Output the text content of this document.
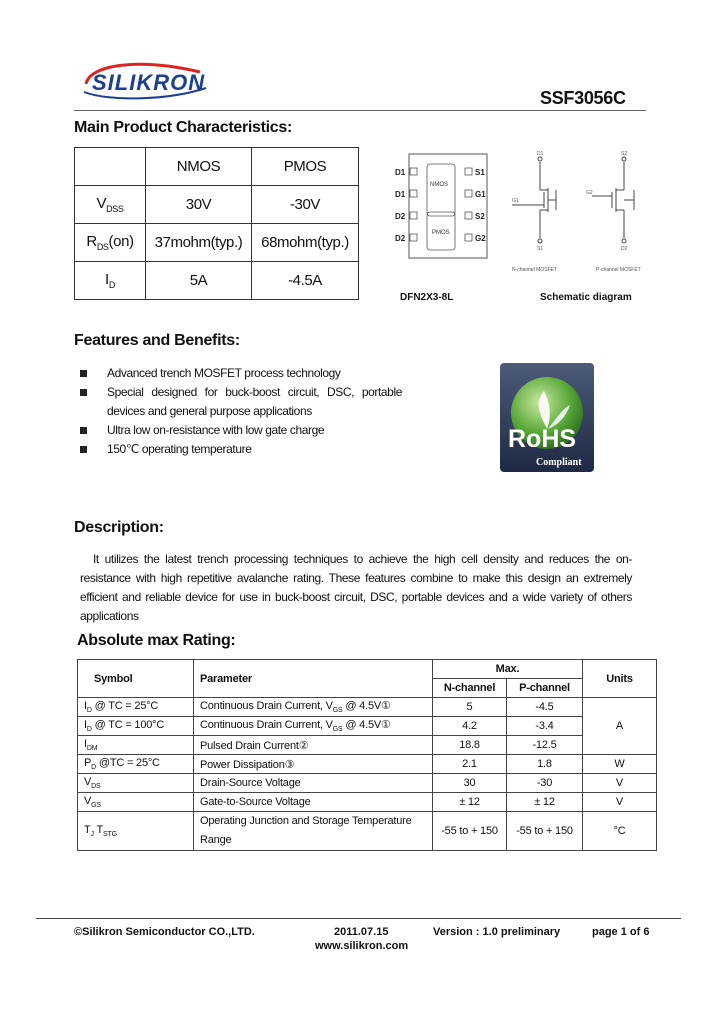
SILIKRON
SSF3056C
Main Product Characteristics:
	NMOS	PMOS
$V_{DSS}$	30V	-30V
$R_{DS}(on)$	37mohm(typ.)	68mohm(typ.)
$I_D$	5A	-4.5A
D1
D1
D2
D2
S1
G1
S2
G2
NMOS
PMOS
DFN2X3-8L
D1
G1
S1
S2
G2
D2
N-channel MOSFET	P-channel MOSFET
Schematic diagram
Features and Benefits:
Advanced trench MOSFET process technology
Special designed for buck-boost circuit, DSC, portable devices and general purpose applications
Ultra low on-resistance with low gate charge
150℃ operating temperature	RoHS
Compliant
Description:
It utilizes the latest trench processing techniques to achieve the high cell density and reduces the on-resistance with high repetitive avalanche rating. These features combine to make this design an extremely efficient and reliable device for use in buck-boost circuit, DSC, portable devices and a wide variety of others applications
Absolute max Rating:
Symbol	Parameter	Max.		Units
		N-channel	P-channel	
$I_D$ @ TC = 25°C	Continuous Drain Current, $V_{GS}$ @ 4.5V①	5	-4.5	A
$I_D$ @ TC = 100°C	Continuous Drain Current, $V_{GS}$ @ 4.5V①	4.2	-3.4	
$I_{DM}$	Pulsed Drain Current②	18.8	-12.5	
$P_D$ @TC = 25°C	Power Dissipation③	2.1	1.8	W
$V_{DS}$	Drain-Source Voltage	30	-30	V
$V_{GS}$	Gate-to-Source Voltage	± 12	± 12	V
$T_J$ $T_{STG}$	Operating Junction and Storage Temperature Range	-55 to + 150	-55 to + 150	°C
©Silikron Semiconductor CO.,LTD.	2011.07.15
www.silikron.com
Version : 1.0 preliminary	page 1 of 6
